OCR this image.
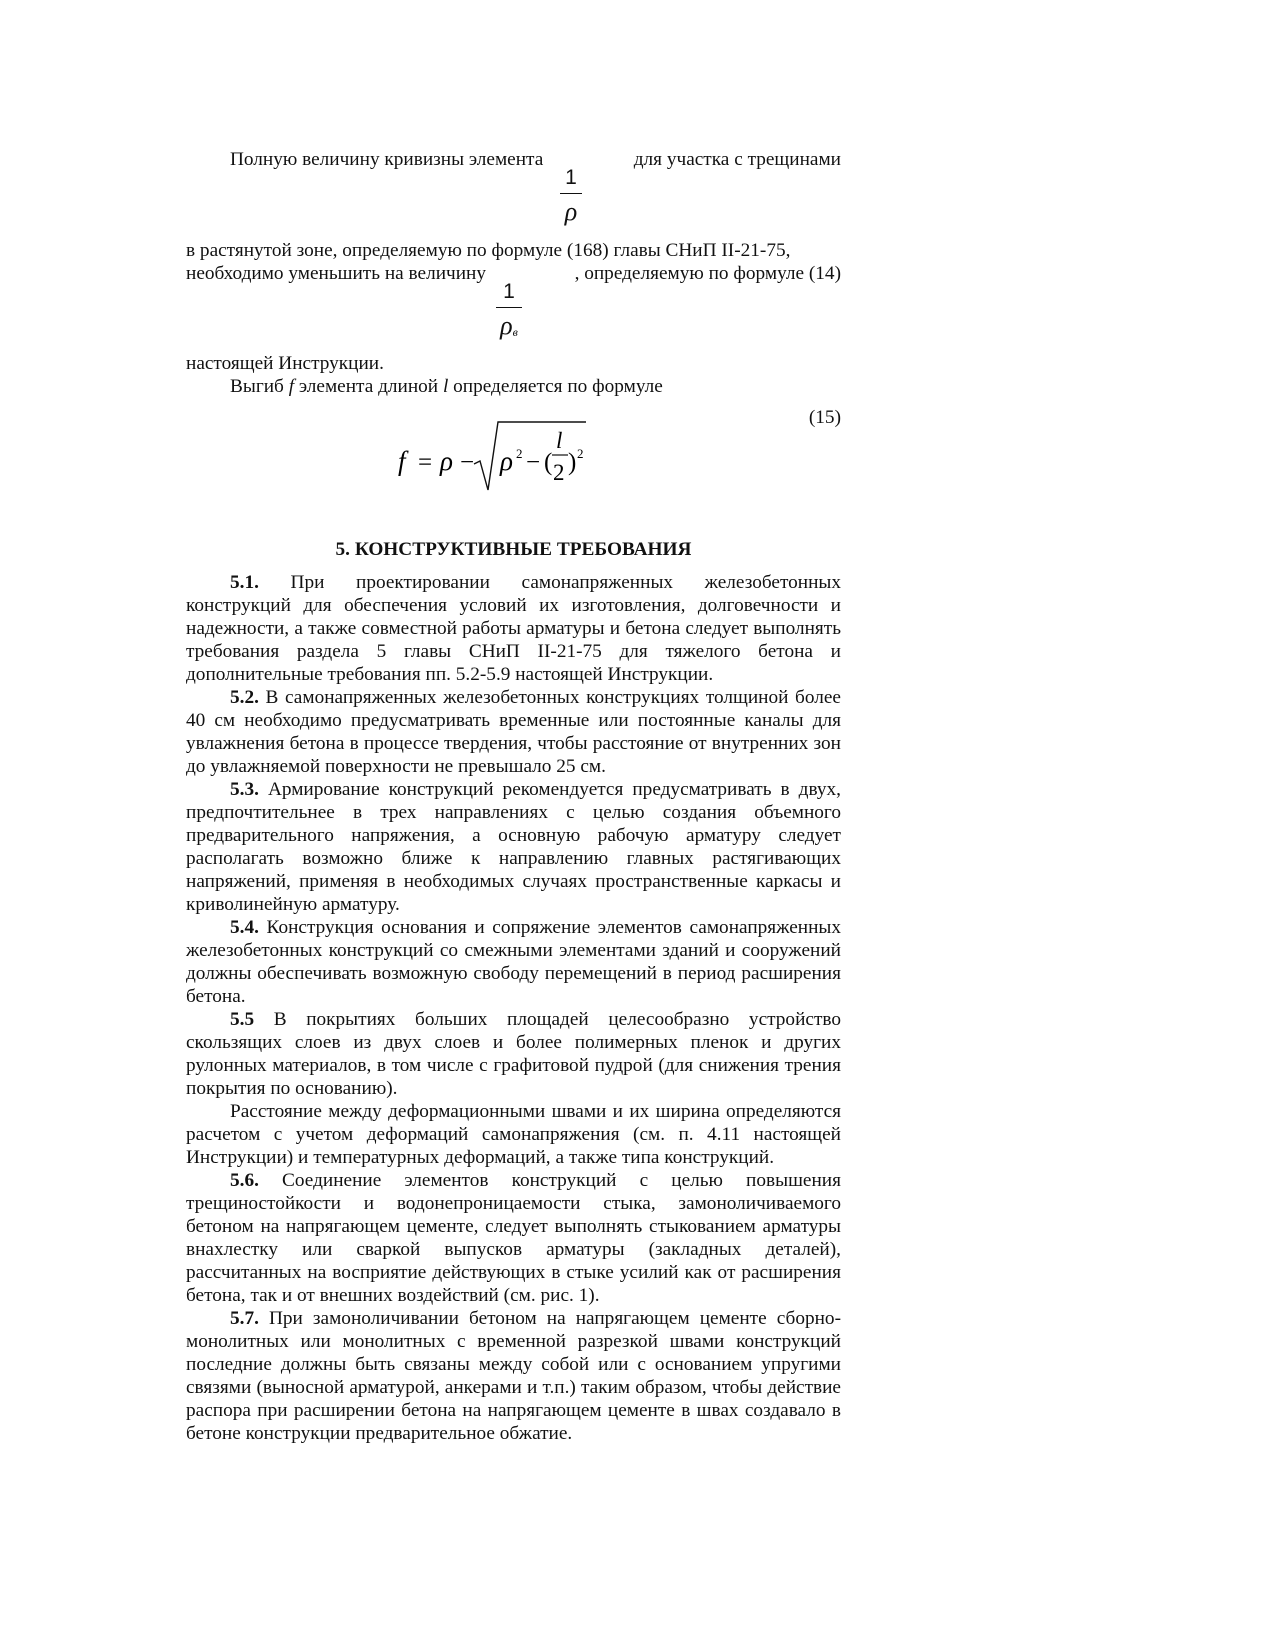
Полную величину кривизны элемента	для участка с трещинами
1
ρ

в растянутой зоне, определяемую по формуле (168) главы СНиП II-21-75,

необходимо уменьшить на величину	, определяемую по формуле (14)
1
$\rho_в$

настоящей Инструкции.

Выгиб f элемента длиной l определяется по формуле

(15)
f = ρ − ρ 2 − (
l
2 ) 2
5. КОНСТРУКТИВНЫЕ ТРЕБОВАНИЯ

5.1. При проектировании самонапряженных железобетонных конструкций для обеспечения условий их изготовления, долговечности и надежности, а также совместной работы арматуры и бетона следует выполнять требования раздела 5 главы СНиП II-21-75 для тяжелого бетона и дополнительные требования пп. 5.2-5.9 настоящей Инструкции.

5.2. В самонапряженных железобетонных конструкциях толщиной более 40 см необходимо предусматривать временные или постоянные каналы для увлажнения бетона в процессе твердения, чтобы расстояние от внутренних зон до увлажняемой поверхности не превышало 25 см.

5.3. Армирование конструкций рекомендуется предусматривать в двух, предпочтительнее в трех направлениях с целью создания объемного предварительного напряжения, а основную рабочую арматуру следует располагать возможно ближе к направлению главных растягивающих напряжений, применяя в необходимых случаях пространственные каркасы и криволинейную арматуру.

5.4. Конструкция основания и сопряжение элементов самонапряженных железобетонных конструкций со смежными элементами зданий и сооружений должны обеспечивать возможную свободу перемещений в период расширения бетона.

5.5 В покрытиях больших площадей целесообразно устройство скользящих слоев из двух слоев и более полимерных пленок и других рулонных материалов, в том числе с графитовой пудрой (для снижения трения покрытия по основанию).

Расстояние между деформационными швами и их ширина определяются расчетом с учетом деформаций самонапряжения (см. п. 4.11 настоящей Инструкции) и температурных деформаций, а также типа конструкций.

5.6. Соединение элементов конструкций с целью повышения трещиностойкости и водонепроницаемости стыка, замоноличиваемого бетоном на напрягающем цементе, следует выполнять стыкованием арматуры внахлестку или сваркой выпусков арматуры (закладных деталей), рассчитанных на восприятие действующих в стыке усилий как от расширения бетона, так и от внешних воздействий (см. рис. 1).

5.7. При замоноличивании бетоном на напрягающем цементе сборно-монолитных или монолитных с временной разрезкой швами конструкций последние должны быть связаны между собой или с основанием упругими связями (выносной арматурой, анкерами и т.п.) таким образом, чтобы действие распора при расширении бетона на напрягающем цементе в швах создавало в бетоне конструкции предварительное обжатие.
